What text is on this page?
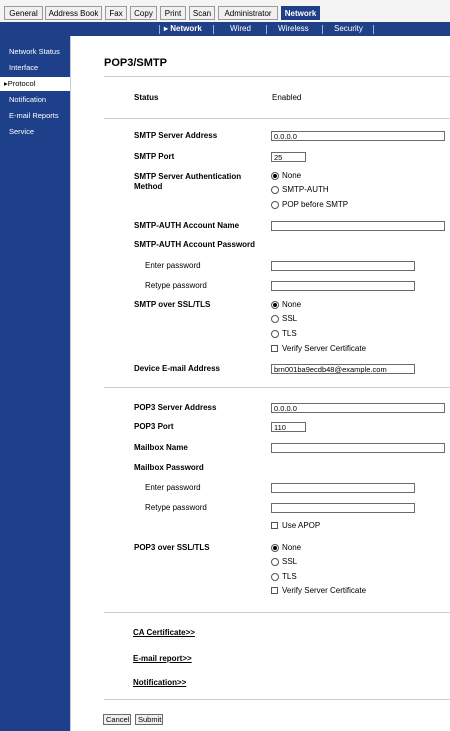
General	Address Book	Fax	Copy	Print	Scan	Administrator	Network
▸ Network	Wired	Wireless	Security
Network Status
Interface
▸Protocol
Notification
E-mail Reports
Service
POP3/SMTP
Status	Enabled
SMTP Server Address	0.0.0.0
SMTP Port	25
SMTP Server Authentication
Method
None
SMTP-AUTH
POP before SMTP
SMTP-AUTH Account Name
SMTP-AUTH Account Password
Enter password
Retype password
SMTP over SSL/TLS	None
SSL
TLS
Verify Server Certificate
Device E-mail Address	brn001ba9ecdb48@example.com
POP3 Server Address	0.0.0.0
POP3 Port	110
Mailbox Name
Mailbox Password
Enter password
Retype password
Use APOP
POP3 over SSL/TLS	None
SSL
TLS
Verify Server Certificate
CA Certificate>>
E-mail report>>
Notification>>
Cancel	Submit
